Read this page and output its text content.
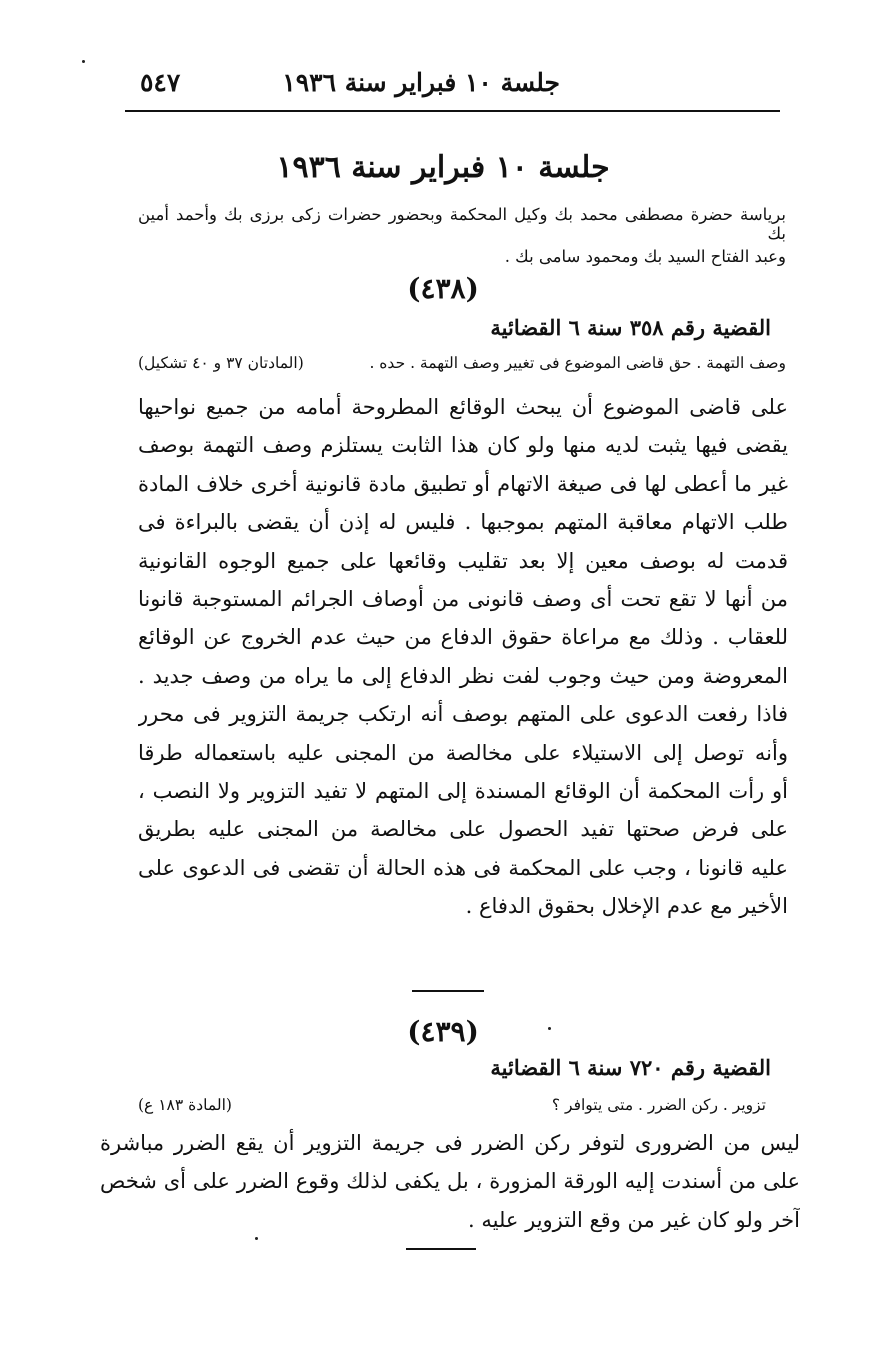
جلسة ١٠ فبراير سنة ١٩٣٦
٥٤٧
جلسة ١٠ فبراير سنة ١٩٣٦
برياسة حضرة مصطفى محمد بك وكيل المحكمة وبحضور حضرات زكى برزى بك وأحمد أمين بك
وعبد الفتاح السيد بك ومحمود سامى بك .
(٤٣٨)
القضية رقم ٣٥٨ سنة ٦ القضائية
وصف التهمة . حق قاضى الموضوع فى تغيير وصف التهمة . حده .
(المادتان ٣٧ و ٤٠ تشكيل)
على قاضى الموضوع أن يبحث الوقائع المطروحة أمامه من جميع نواحيها
يقضى فيها يثبت لديه منها ولو كان هذا الثابت يستلزم وصف التهمة بوصف
غير ما أعطى لها فى صيغة الاتهام أو تطبيق مادة قانونية أخرى خلاف المادة
طلب الاتهام معاقبة المتهم بموجبها . فليس له إذن أن يقضى بالبراءة فى
قدمت له بوصف معين إلا بعد تقليب وقائعها على جميع الوجوه القانونية
من أنها لا تقع تحت أى وصف قانونى من أوصاف الجرائم المستوجبة قانونا
للعقاب . وذلك مع مراعاة حقوق الدفاع من حيث عدم الخروج عن الوقائع
المعروضة ومن حيث وجوب لفت نظر الدفاع إلى ما يراه من وصف جديد .
فاذا رفعت الدعوى على المتهم بوصف أنه ارتكب جريمة التزوير فى محرر
وأنه توصل إلى الاستيلاء على مخالصة من المجنى عليه باستعماله طرقا
أو رأت المحكمة أن الوقائع المسندة إلى المتهم لا تفيد التزوير ولا النصب ،
على فرض صحتها تفيد الحصول على مخالصة من المجنى عليه بطريق
عليه قانونا ، وجب على المحكمة فى هذه الحالة أن تقضى فى الدعوى على
الأخير مع عدم الإخلال بحقوق الدفاع .
(٤٣٩)
القضية رقم ٧٢٠ سنة ٦ القضائية
تزوير . ركن الضرر . متى يتوافر ؟
(المادة ١٨٣ ع)
ليس من الضرورى لتوفر ركن الضرر فى جريمة التزوير أن يقع الضرر مباشرة
على من أسندت إليه الورقة المزورة ، بل يكفى لذلك وقوع الضرر على أى شخص
آخر ولو كان غير من وقع التزوير عليه .
